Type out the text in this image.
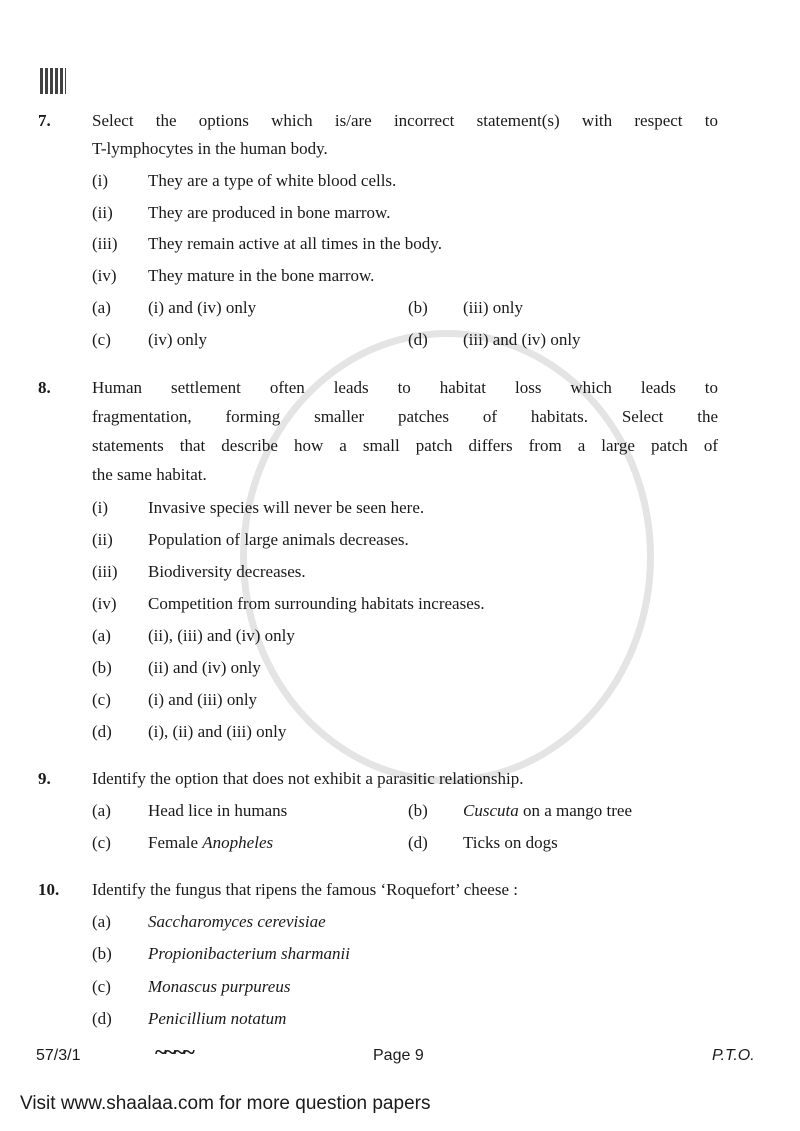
7. Select the options which is/are incorrect statement(s) with respect to
T-lymphocytes in the human body.
(i) They are a type of white blood cells.
(ii) They are produced in bone marrow.
(iii) They remain active at all times in the body.
(iv) They mature in the bone marrow.
(a) (i) and (iv) only	(b) (iii) only
(c) (iv) only	(d) (iii) and (iv) only
8. Human settlement often leads to habitat loss which leads to
fragmentation, forming smaller patches of habitats. Select the
statements that describe how a small patch differs from a large patch of
the same habitat.
(i) Invasive species will never be seen here.
(ii) Population of large animals decreases.
(iii) Biodiversity decreases.
(iv) Competition from surrounding habitats increases.
(a) (ii), (iii) and (iv) only
(b) (ii) and (iv) only
(c) (i) and (iii) only
(d) (i), (ii) and (iii) only
9. Identify the option that does not exhibit a parasitic relationship.
(a) Head lice in humans	(b) Cuscuta on a mango tree
(c) Female Anopheles	(d) Ticks on dogs
10. Identify the fungus that ripens the famous ‘Roquefort’ cheese :
(a) Saccharomyces cerevisiae
(b) Propionibacterium sharmanii
(c) Monascus purpureus
(d) Penicillium notatum
57/3/1	~~~~	Page 9	P.T.O.
Visit www.shaalaa.com for more question papers
